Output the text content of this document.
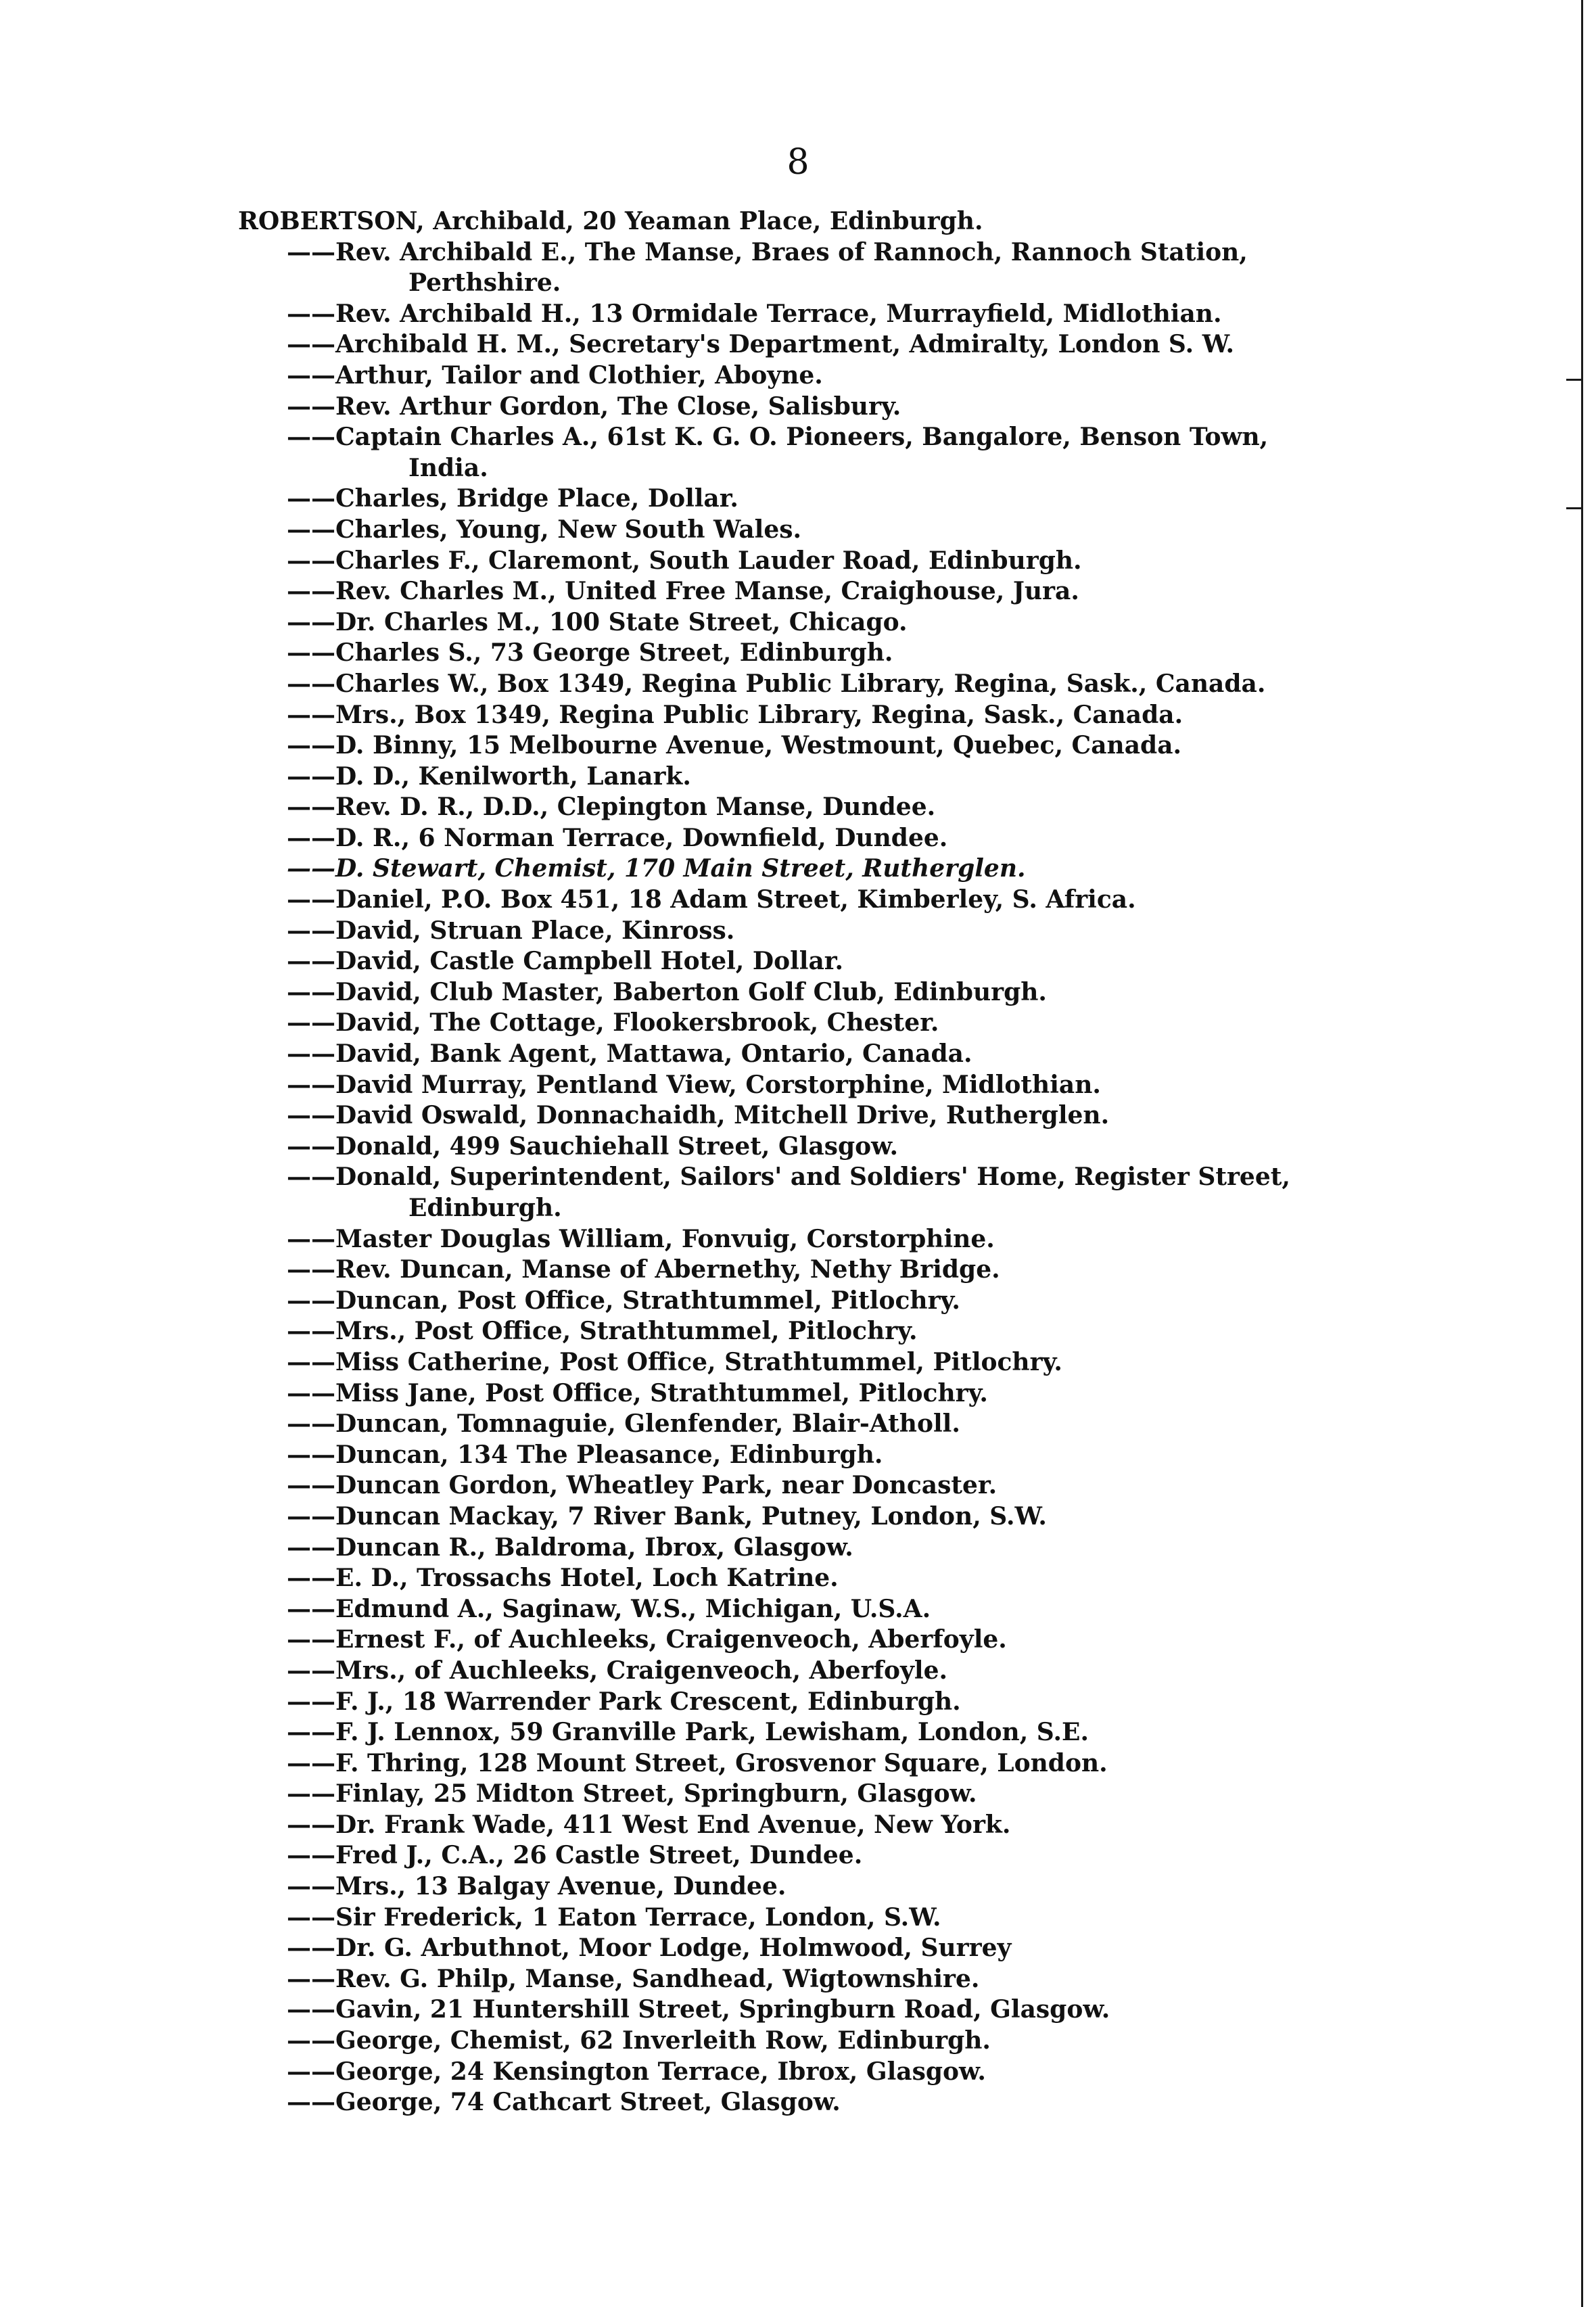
8
ROBERTSON, Archibald, 20 Yeaman Place, Edinburgh.
——Rev. Archibald E., The Manse, Braes of Rannoch, Rannoch Station,
Perthshire.
——Rev. Archibald H., 13 Ormidale Terrace, Murrayfield, Midlothian.
——Archibald H. M., Secretary's Department, Admiralty, London S. W.
——Arthur, Tailor and Clothier, Aboyne.
——Rev. Arthur Gordon, The Close, Salisbury.
——Captain Charles A., 61st K. G. O. Pioneers, Bangalore, Benson Town,
India.
——Charles, Bridge Place, Dollar.
——Charles, Young, New South Wales.
——Charles F., Claremont, South Lauder Road, Edinburgh.
——Rev. Charles M., United Free Manse, Craighouse, Jura.
——Dr. Charles M., 100 State Street, Chicago.
——Charles S., 73 George Street, Edinburgh.
——Charles W., Box 1349, Regina Public Library, Regina, Sask., Canada.
——Mrs., Box 1349, Regina Public Library, Regina, Sask., Canada.
——D. Binny, 15 Melbourne Avenue, Westmount, Quebec, Canada.
——D. D., Kenilworth, Lanark.
——Rev. D. R., D.D., Clepington Manse, Dundee.
——D. R., 6 Norman Terrace, Downfield, Dundee.
——D. Stewart, Chemist, 170 Main Street, Rutherglen.
——Daniel, P.O. Box 451, 18 Adam Street, Kimberley, S. Africa.
——David, Struan Place, Kinross.
——David, Castle Campbell Hotel, Dollar.
——David, Club Master, Baberton Golf Club, Edinburgh.
——David, The Cottage, Flookersbrook, Chester.
——David, Bank Agent, Mattawa, Ontario, Canada.
——David Murray, Pentland View, Corstorphine, Midlothian.
——David Oswald, Donnachaidh, Mitchell Drive, Rutherglen.
——Donald, 499 Sauchiehall Street, Glasgow.
——Donald, Superintendent, Sailors' and Soldiers' Home, Register Street,
Edinburgh.
——Master Douglas William, Fonvuig, Corstorphine.
——Rev. Duncan, Manse of Abernethy, Nethy Bridge.
——Duncan, Post Office, Strathtummel, Pitlochry.
——Mrs., Post Office, Strathtummel, Pitlochry.
——Miss Catherine, Post Office, Strathtummel, Pitlochry.
——Miss Jane, Post Office, Strathtummel, Pitlochry.
——Duncan, Tomnaguie, Glenfender, Blair-Atholl.
——Duncan, 134 The Pleasance, Edinburgh.
——Duncan Gordon, Wheatley Park, near Doncaster.
——Duncan Mackay, 7 River Bank, Putney, London, S.W.
——Duncan R., Baldroma, Ibrox, Glasgow.
——E. D., Trossachs Hotel, Loch Katrine.
——Edmund A., Saginaw, W.S., Michigan, U.S.A.
——Ernest F., of Auchleeks, Craigenveoch, Aberfoyle.
——Mrs., of Auchleeks, Craigenveoch, Aberfoyle.
——F. J., 18 Warrender Park Crescent, Edinburgh.
——F. J. Lennox, 59 Granville Park, Lewisham, London, S.E.
——F. Thring, 128 Mount Street, Grosvenor Square, London.
——Finlay, 25 Midton Street, Springburn, Glasgow.
——Dr. Frank Wade, 411 West End Avenue, New York.
——Fred J., C.A., 26 Castle Street, Dundee.
——Mrs., 13 Balgay Avenue, Dundee.
——Sir Frederick, 1 Eaton Terrace, London, S.W.
——Dr. G. Arbuthnot, Moor Lodge, Holmwood, Surrey
——Rev. G. Philp, Manse, Sandhead, Wigtownshire.
——Gavin, 21 Huntershill Street, Springburn Road, Glasgow.
——George, Chemist, 62 Inverleith Row, Edinburgh.
——George, 24 Kensington Terrace, Ibrox, Glasgow.
——George, 74 Cathcart Street, Glasgow.
